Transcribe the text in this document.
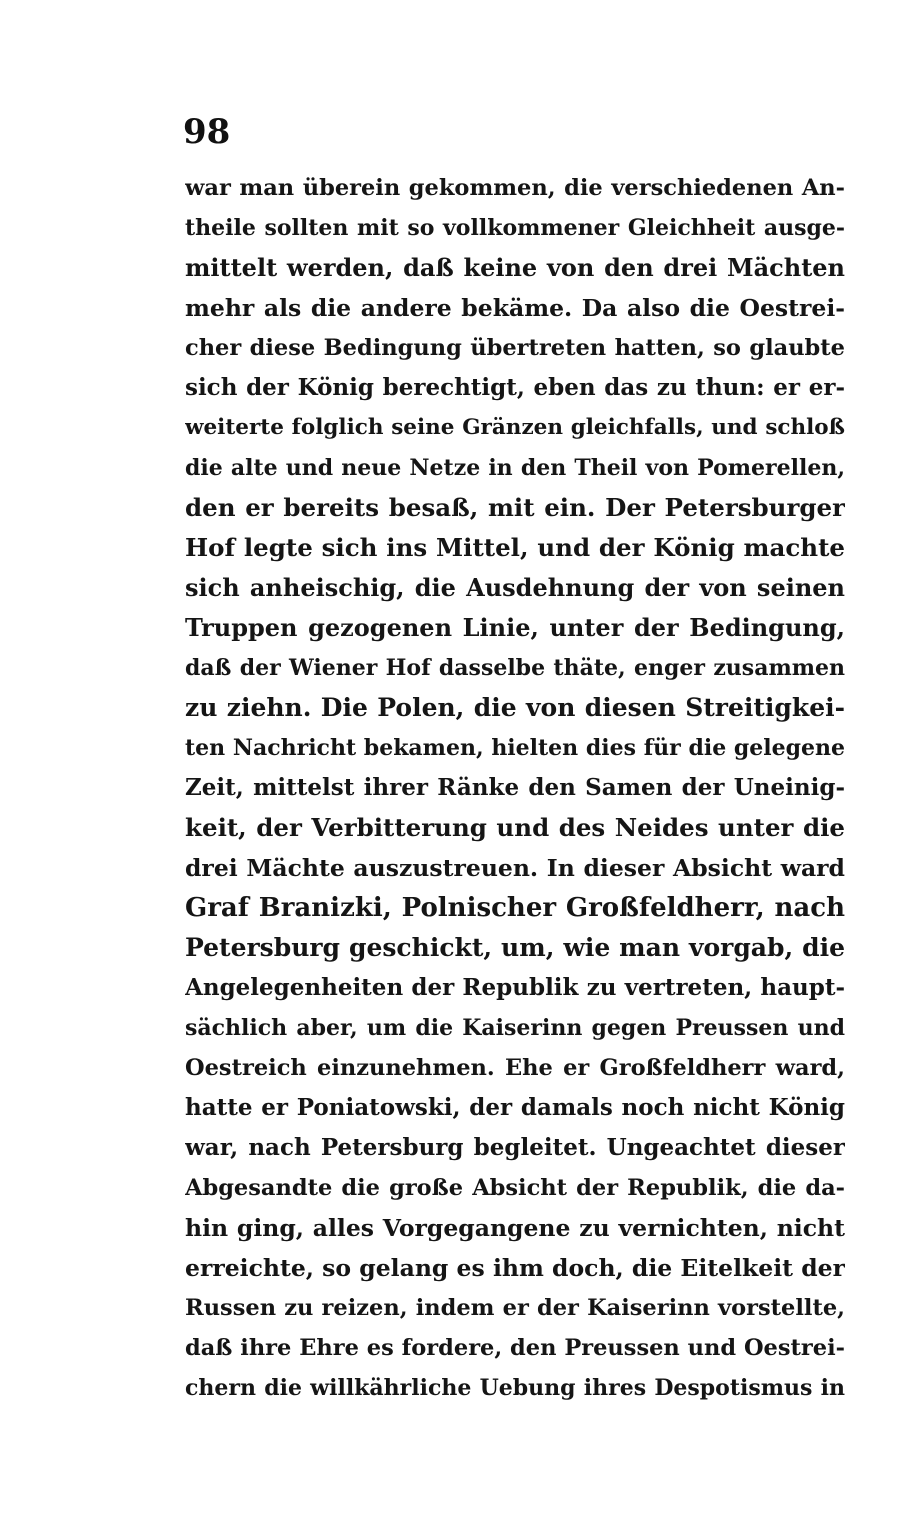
98
war man überein gekommen, die verschiedenen An-
theile sollten mit so vollkommener Gleichheit ausge-
mittelt werden, daß keine von den drei Mächten
mehr als die andere bekäme. Da also die Oestrei-
cher diese Bedingung übertreten hatten, so glaubte
sich der König berechtigt, eben das zu thun: er er-
weiterte folglich seine Gränzen gleichfalls, und schloß
die alte und neue Netze in den Theil von Pomerellen,
den er bereits besaß, mit ein. Der Petersburger
Hof legte sich ins Mittel, und der König machte
sich anheischig, die Ausdehnung der von seinen
Truppen gezogenen Linie, unter der Bedingung,
daß der Wiener Hof dasselbe thäte, enger zusammen
zu ziehn. Die Polen, die von diesen Streitigkei-
ten Nachricht bekamen, hielten dies für die gelegene
Zeit, mittelst ihrer Ränke den Samen der Uneinig-
keit, der Verbitterung und des Neides unter die
drei Mächte auszustreuen. In dieser Absicht ward
Graf Branizki, Polnischer Großfeldherr, nach
Petersburg geschickt, um, wie man vorgab, die
Angelegenheiten der Republik zu vertreten, haupt-
sächlich aber, um die Kaiserinn gegen Preussen und
Oestreich einzunehmen. Ehe er Großfeldherr ward,
hatte er Poniatowski, der damals noch nicht König
war, nach Petersburg begleitet. Ungeachtet dieser
Abgesandte die große Absicht der Republik, die da-
hin ging, alles Vorgegangene zu vernichten, nicht
erreichte, so gelang es ihm doch, die Eitelkeit der
Russen zu reizen, indem er der Kaiserinn vorstellte,
daß ihre Ehre es fordere, den Preussen und Oestrei-
chern die willkährliche Uebung ihres Despotismus in
